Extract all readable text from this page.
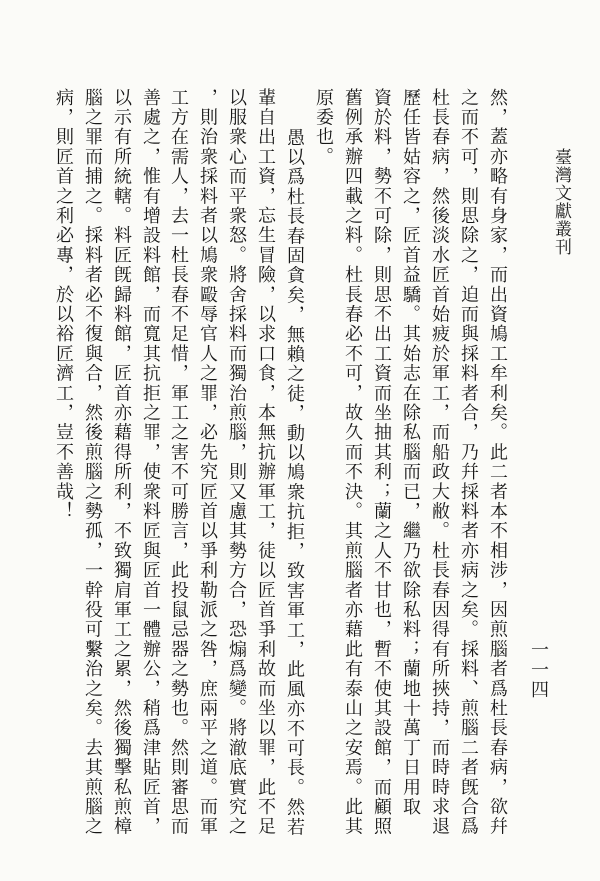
臺灣文獻叢刊
一一四
然，蓋亦略有身家，而出資鳩工牟利矣。此二者本不相涉，因煎腦者爲杜長春病，欲幷
之而不可，則思除之，迫而與採料者合，乃幷採料者亦病之矣。採料、煎腦二者旣合爲
杜長春病，然後淡水匠首始疲於軍工，而船政大敝。杜長春因得有所挾持，而時時求退
歷任皆姑容之，匠首益驕。其始志在除私腦而已，繼乃欲除私料；蘭地十萬丁日用取
資於料，勢不可除，則思不出工資而坐抽其利；蘭之人不甘也，暫不使其設館，而顧照
舊例承辦四載之料。杜長春必不可，故久而不決。其煎腦者亦藉此有泰山之安焉。此其
原委也。
愚以爲杜長春固貪矣，無賴之徒，動以鳩衆抗拒，致害軍工，此風亦不可長。然若
輩自出工資，忘生冒險，以求口食，本無抗辦軍工，徒以匠首爭利故而坐以罪，此不足
以服衆心而平衆怒。將舍採料而獨治煎腦，則又慮其勢方合，恐煽爲變。將澈底實究之
，則治衆採料者以鳩衆毆辱官人之罪，必先究匠首以爭利勒派之咎，庶兩平之道。而軍
工方在需人，去一杜長春不足惜，軍工之害不可勝言，此投鼠忌器之勢也。然則審思而
善處之，惟有增設料館，而寬其抗拒之罪，使衆料匠與匠首一體辦公，稍爲津貼匠首，
以示有所統轄。料匠旣歸料館，匠首亦藉得所利，不致獨肩軍工之累，然後獨擊私煎樟
腦之罪而捕之。採料者必不復與合，然後煎腦之勢孤，一幹役可繫治之矣。去其煎腦之
病，則匠首之利必專，於以裕匠濟工，豈不善哉！
